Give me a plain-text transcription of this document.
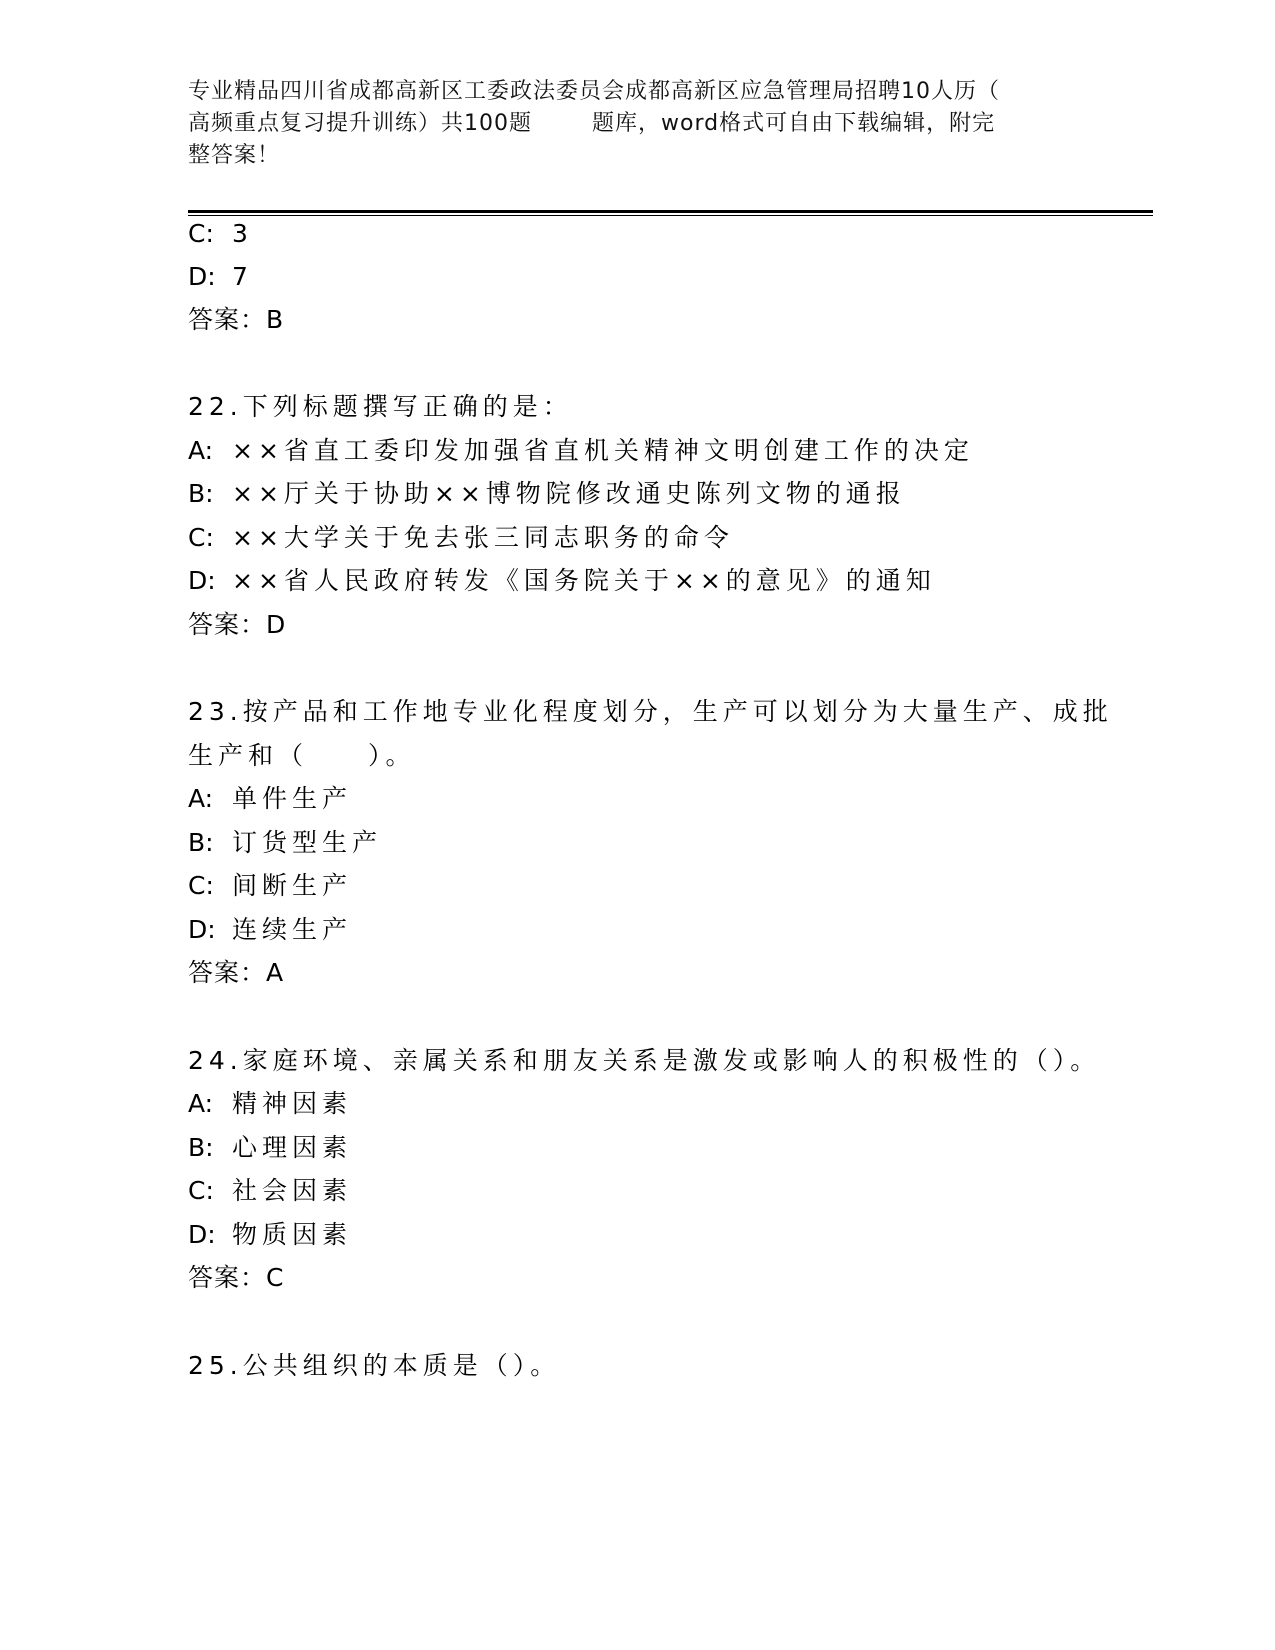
专业精品四川省成都高新区工委政法委员会成都高新区应急管理局招聘10人历（
高频重点复习提升训练）共100题	题库，word格式可自由下载编辑，附完
整答案！
C: 3
D: 7
答案：B
22.下列标题撰写正确的是：
A: ××省直工委印发加强省直机关精神文明创建工作的决定
B: ××厅关于协助××博物院修改通史陈列文物的通报
C: ××大学关于免去张三同志职务的命令
D: ××省人民政府转发《国务院关于××的意见》的通知
答案：D
23.按产品和工作地专业化程度划分，生产可以划分为大量生产、成批
生产和（　　）。
A: 单件生产
B: 订货型生产
C: 间断生产
D: 连续生产
答案：A
24.家庭环境、亲属关系和朋友关系是激发或影响人的积极性的（）。
A: 精神因素
B: 心理因素
C: 社会因素
D: 物质因素
答案：C
25.公共组织的本质是（）。
